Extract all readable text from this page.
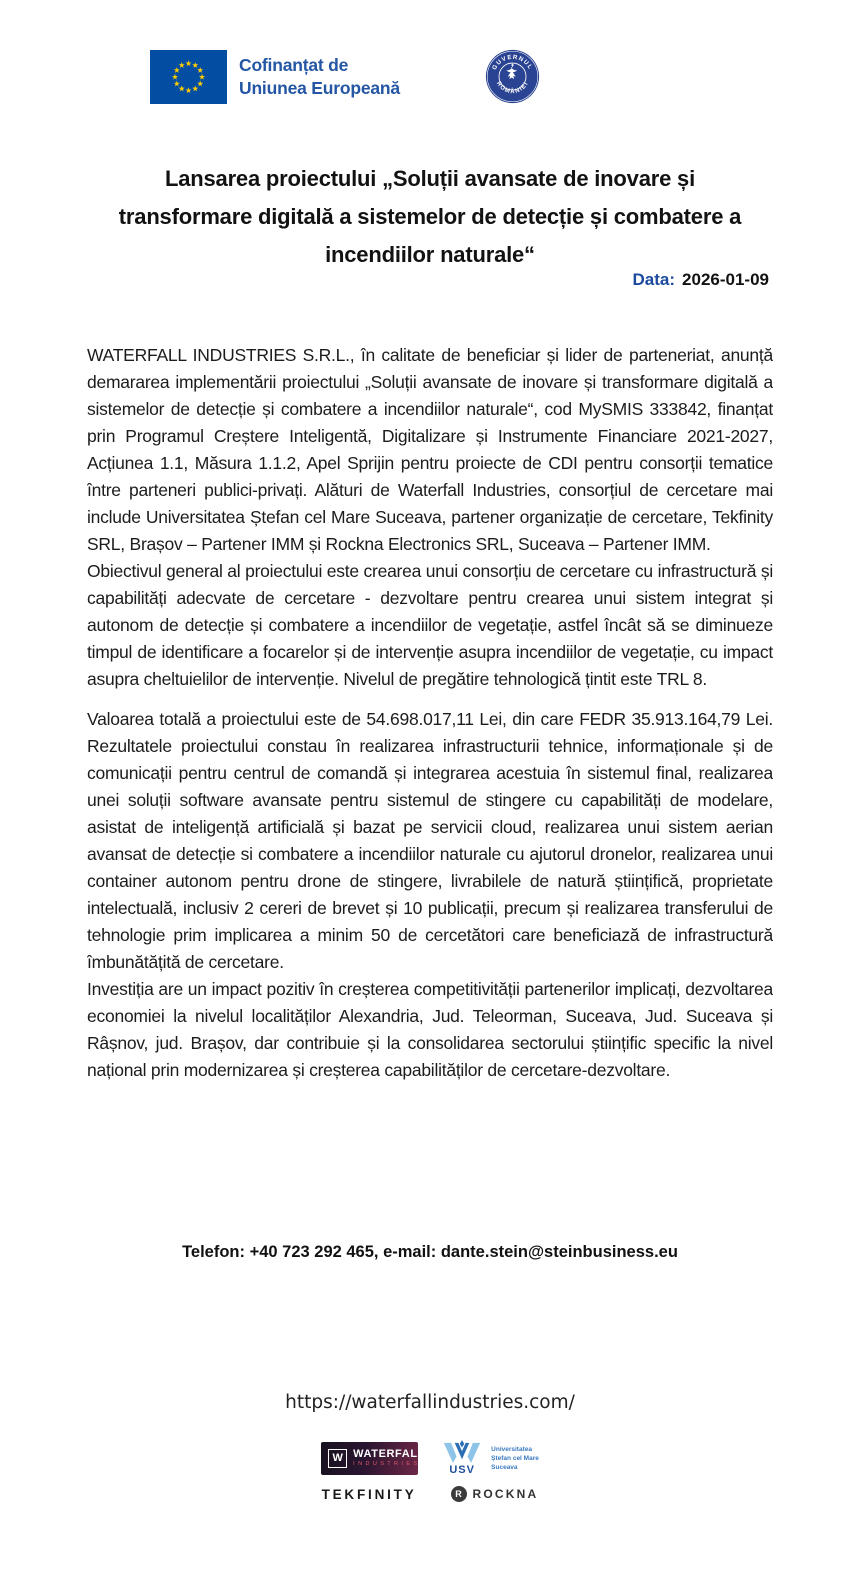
Cofinanțat de
Uniunea Europeană
GUVERNUL
ROMÂNIEI
Lansarea proiectului „Soluții avansate de inovare și transformare digitală a sistemelor de detecție și combatere a incendiilor naturale“
Data: 2026-01-09

WATERFALL INDUSTRIES S.R.L., în calitate de beneficiar și lider de parteneriat, anunță demararea implementării proiectului „Soluții avansate de inovare și transformare digitală a sistemelor de detecție și combatere a incendiilor naturale“, cod MySMIS 333842, finanțat prin Programul Creștere Inteligentă, Digitalizare și Instrumente Financiare 2021-2027, Acțiunea 1.1, Măsura 1.1.2, Apel Sprijin pentru proiecte de CDI pentru consorții tematice între parteneri publici-privați. Alături de Waterfall Industries, consorțiul de cercetare mai include Universitatea Ștefan cel Mare Suceava, partener organizație de cercetare, Tekfinity SRL, Brașov – Partener IMM și Rockna Electronics SRL, Suceava – Partener IMM.

Obiectivul general al proiectului este crearea unui consorțiu de cercetare cu infrastructură și capabilități adecvate de cercetare - dezvoltare pentru crearea unui sistem integrat și autonom de detecție și combatere a incendiilor de vegetație, astfel încât să se diminueze timpul de identificare a focarelor și de intervenție asupra incendiilor de vegetație, cu impact asupra cheltuielilor de intervenție. Nivelul de pregătire tehnologică țintit este TRL 8.

Valoarea totală a proiectului este de 54.698.017,11 Lei, din care FEDR 35.913.164,79 Lei. Rezultatele proiectului constau în realizarea infrastructurii tehnice, informaționale și de comunicații pentru centrul de comandă și integrarea acestuia în sistemul final, realizarea unei soluții software avansate pentru sistemul de stingere cu capabilități de modelare, asistat de inteligență artificială și bazat pe servicii cloud, realizarea unui sistem aerian avansat de detecție si combatere a incendiilor naturale cu ajutorul dronelor, realizarea unui container autonom pentru drone de stingere, livrabilele de natură științifică, proprietate intelectuală, inclusiv 2 cereri de brevet și 10 publicații, precum și realizarea transferului de tehnologie prim implicarea a minim 50 de cercetători care beneficiază de infrastructură îmbunătățită de cercetare.

Investiția are un impact pozitiv în creșterea competitivității partenerilor implicați, dezvoltarea economiei la nivelul localităților Alexandria, Jud. Teleorman, Suceava, Jud. Suceava și Râșnov, jud. Brașov, dar contribuie și la consolidarea sectorului științific specific la nivel național prin modernizarea și creșterea capabilităților de cercetare-dezvoltare.

Telefon: +40 723 292 465, e-mail: dante.stein@steinbusiness.eu
https://waterfallindustries.com/
W WATERFALL
INDUSTRIES	USV
Universitatea
Ștefan cel Mare
Suceava
TEKFINITY	R ROCKNA
